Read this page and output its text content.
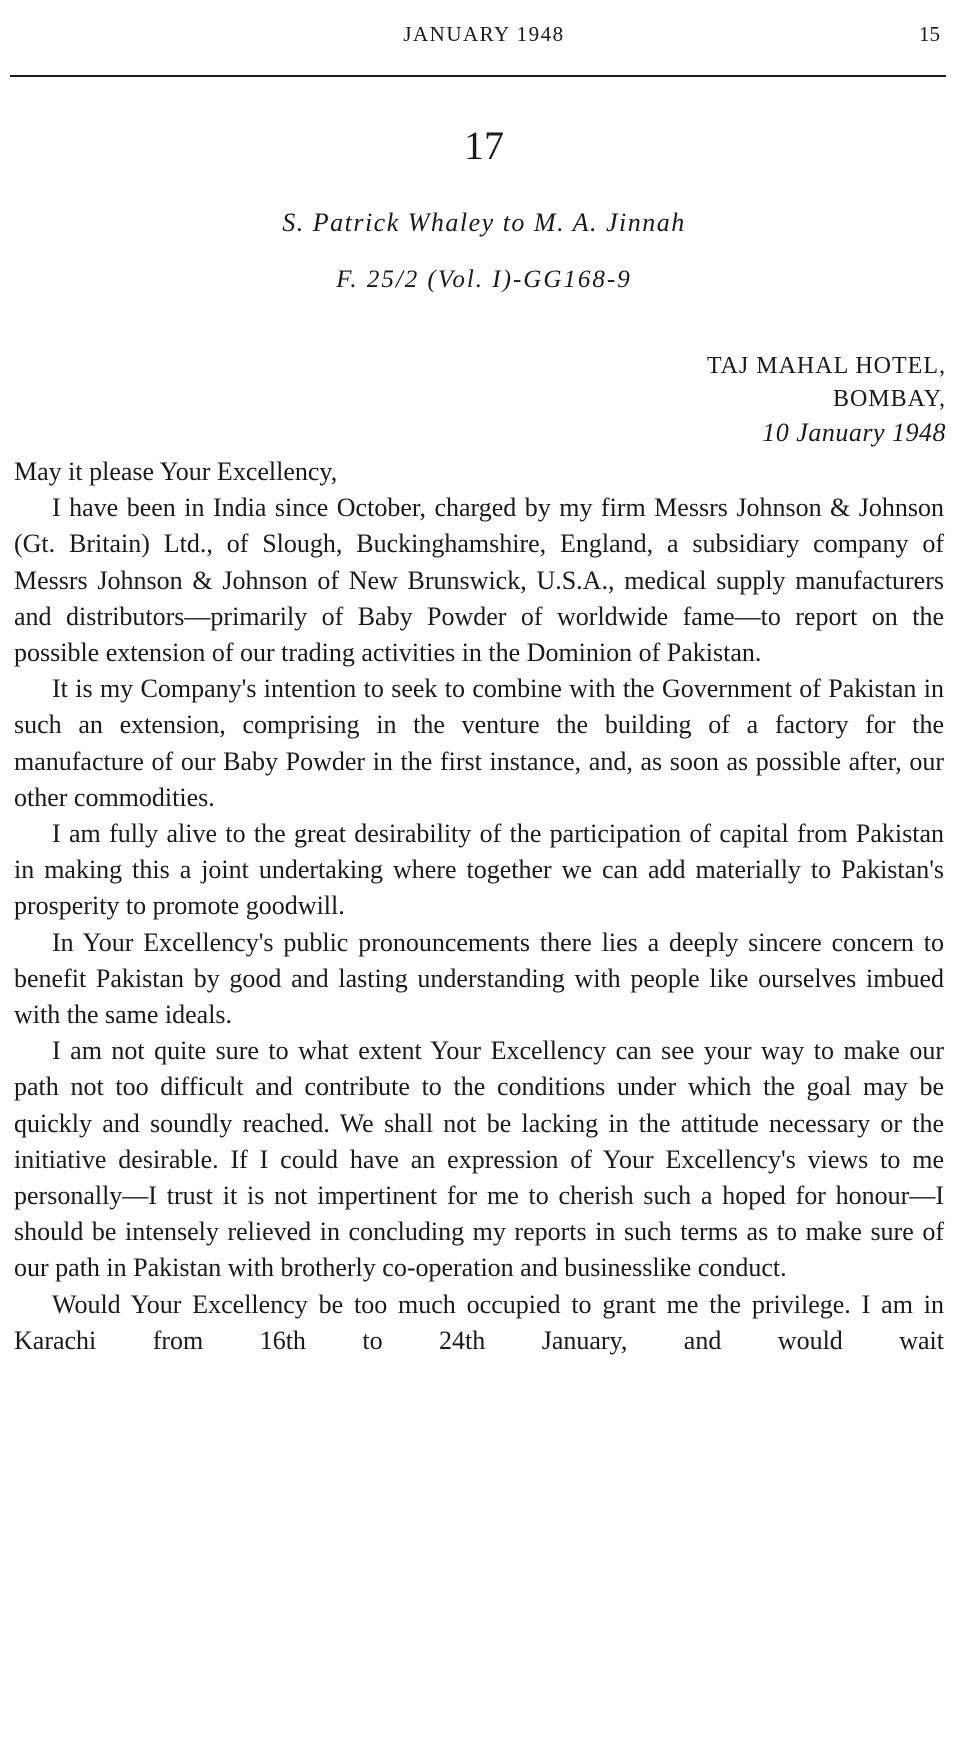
JANUARY 1948	15
17
S. Patrick Whaley to M. A. Jinnah
F. 25/2 (Vol. I)-GG168-9
TAJ MAHAL HOTEL,
BOMBAY,
10 January 1948

May it please Your Excellency,

I have been in India since October, charged by my firm Messrs Johnson & Johnson (Gt. Britain) Ltd., of Slough, Buckinghamshire, England, a subsidiary company of Messrs Johnson & Johnson of New Brunswick, U.S.A., medical supply manufacturers and distributors—primarily of Baby Powder of worldwide fame—to report on the possible extension of our trading activities in the Dominion of Pakistan.

It is my Company's intention to seek to combine with the Government of Pakistan in such an extension, comprising in the venture the building of a factory for the manufacture of our Baby Powder in the first instance, and, as soon as possible after, our other commodities.

I am fully alive to the great desirability of the participation of capital from Pakistan in making this a joint undertaking where together we can add materially to Pakistan's prosperity to promote goodwill.

In Your Excellency's public pronouncements there lies a deeply sincere concern to benefit Pakistan by good and lasting understanding with people like ourselves imbued with the same ideals.

I am not quite sure to what extent Your Excellency can see your way to make our path not too difficult and contribute to the conditions under which the goal may be quickly and soundly reached. We shall not be lacking in the attitude necessary or the initiative desirable. If I could have an expression of Your Excellency's views to me personally—I trust it is not impertinent for me to cherish such a hoped for honour—I should be intensely relieved in concluding my reports in such terms as to make sure of our path in Pakistan with brotherly co-operation and businesslike conduct.

Would Your Excellency be too much occupied to grant me the privilege. I am in Karachi from 16th to 24th January, and would wait
